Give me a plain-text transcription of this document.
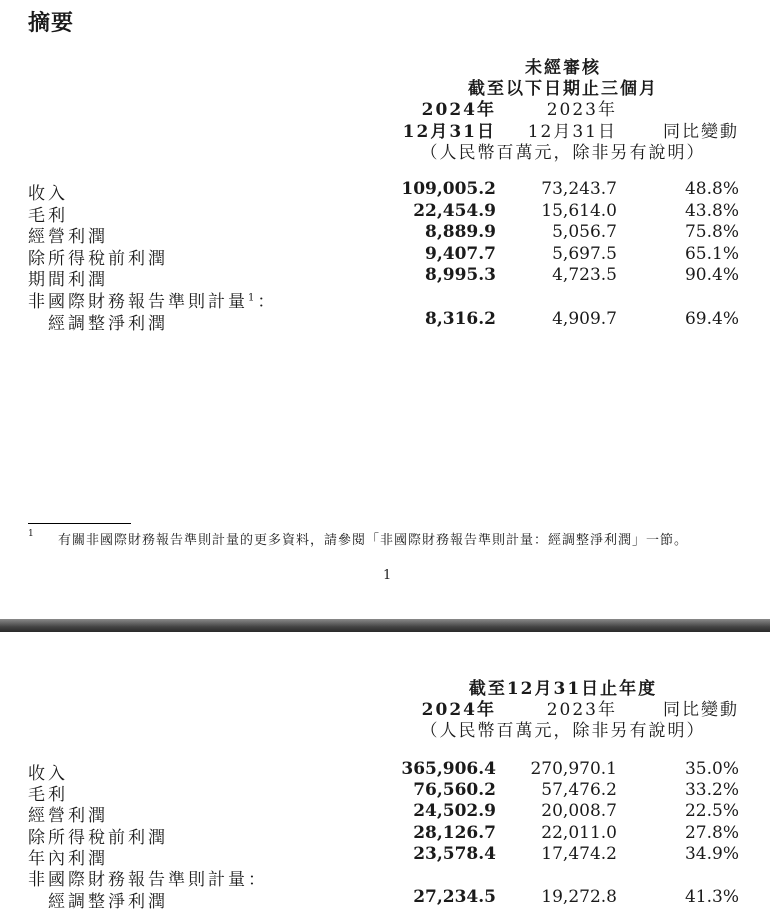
摘要
未經審核
截至以下日期止三個月
2024年	2023年
12月31日 12月31日	同比變動
（人民幣百萬元，除非另有說明）
收入	109,005.2	73,243.7	48.8%
毛利	22,454.9	15,614.0	43.8%
經營利潤	8,889.9	5,056.7	75.8%
除所得稅前利潤	9,407.7	5,697.5	65.1%
期間利潤	8,995.3	4,723.5	90.4%
非國際財務報告準則計量$^1$：
經調整淨利潤	8,316.2	4,909.7	69.4%
1 有關非國際財務報告準則計量的更多資料，請參閱「非國際財務報告準則計量：經調整淨利潤」一節。
1
截至12月31日止年度
2024年	2023年	同比變動
（人民幣百萬元，除非另有說明）
收入	365,906.4 270,970.1	35.0%
毛利	76,560.2	57,476.2	33.2%
經營利潤	24,502.9	20,008.7	22.5%
除所得稅前利潤	28,126.7	22,011.0	27.8%
年內利潤	23,578.4	17,474.2	34.9%
非國際財務報告準則計量：
經調整淨利潤	27,234.5	19,272.8	41.3%
